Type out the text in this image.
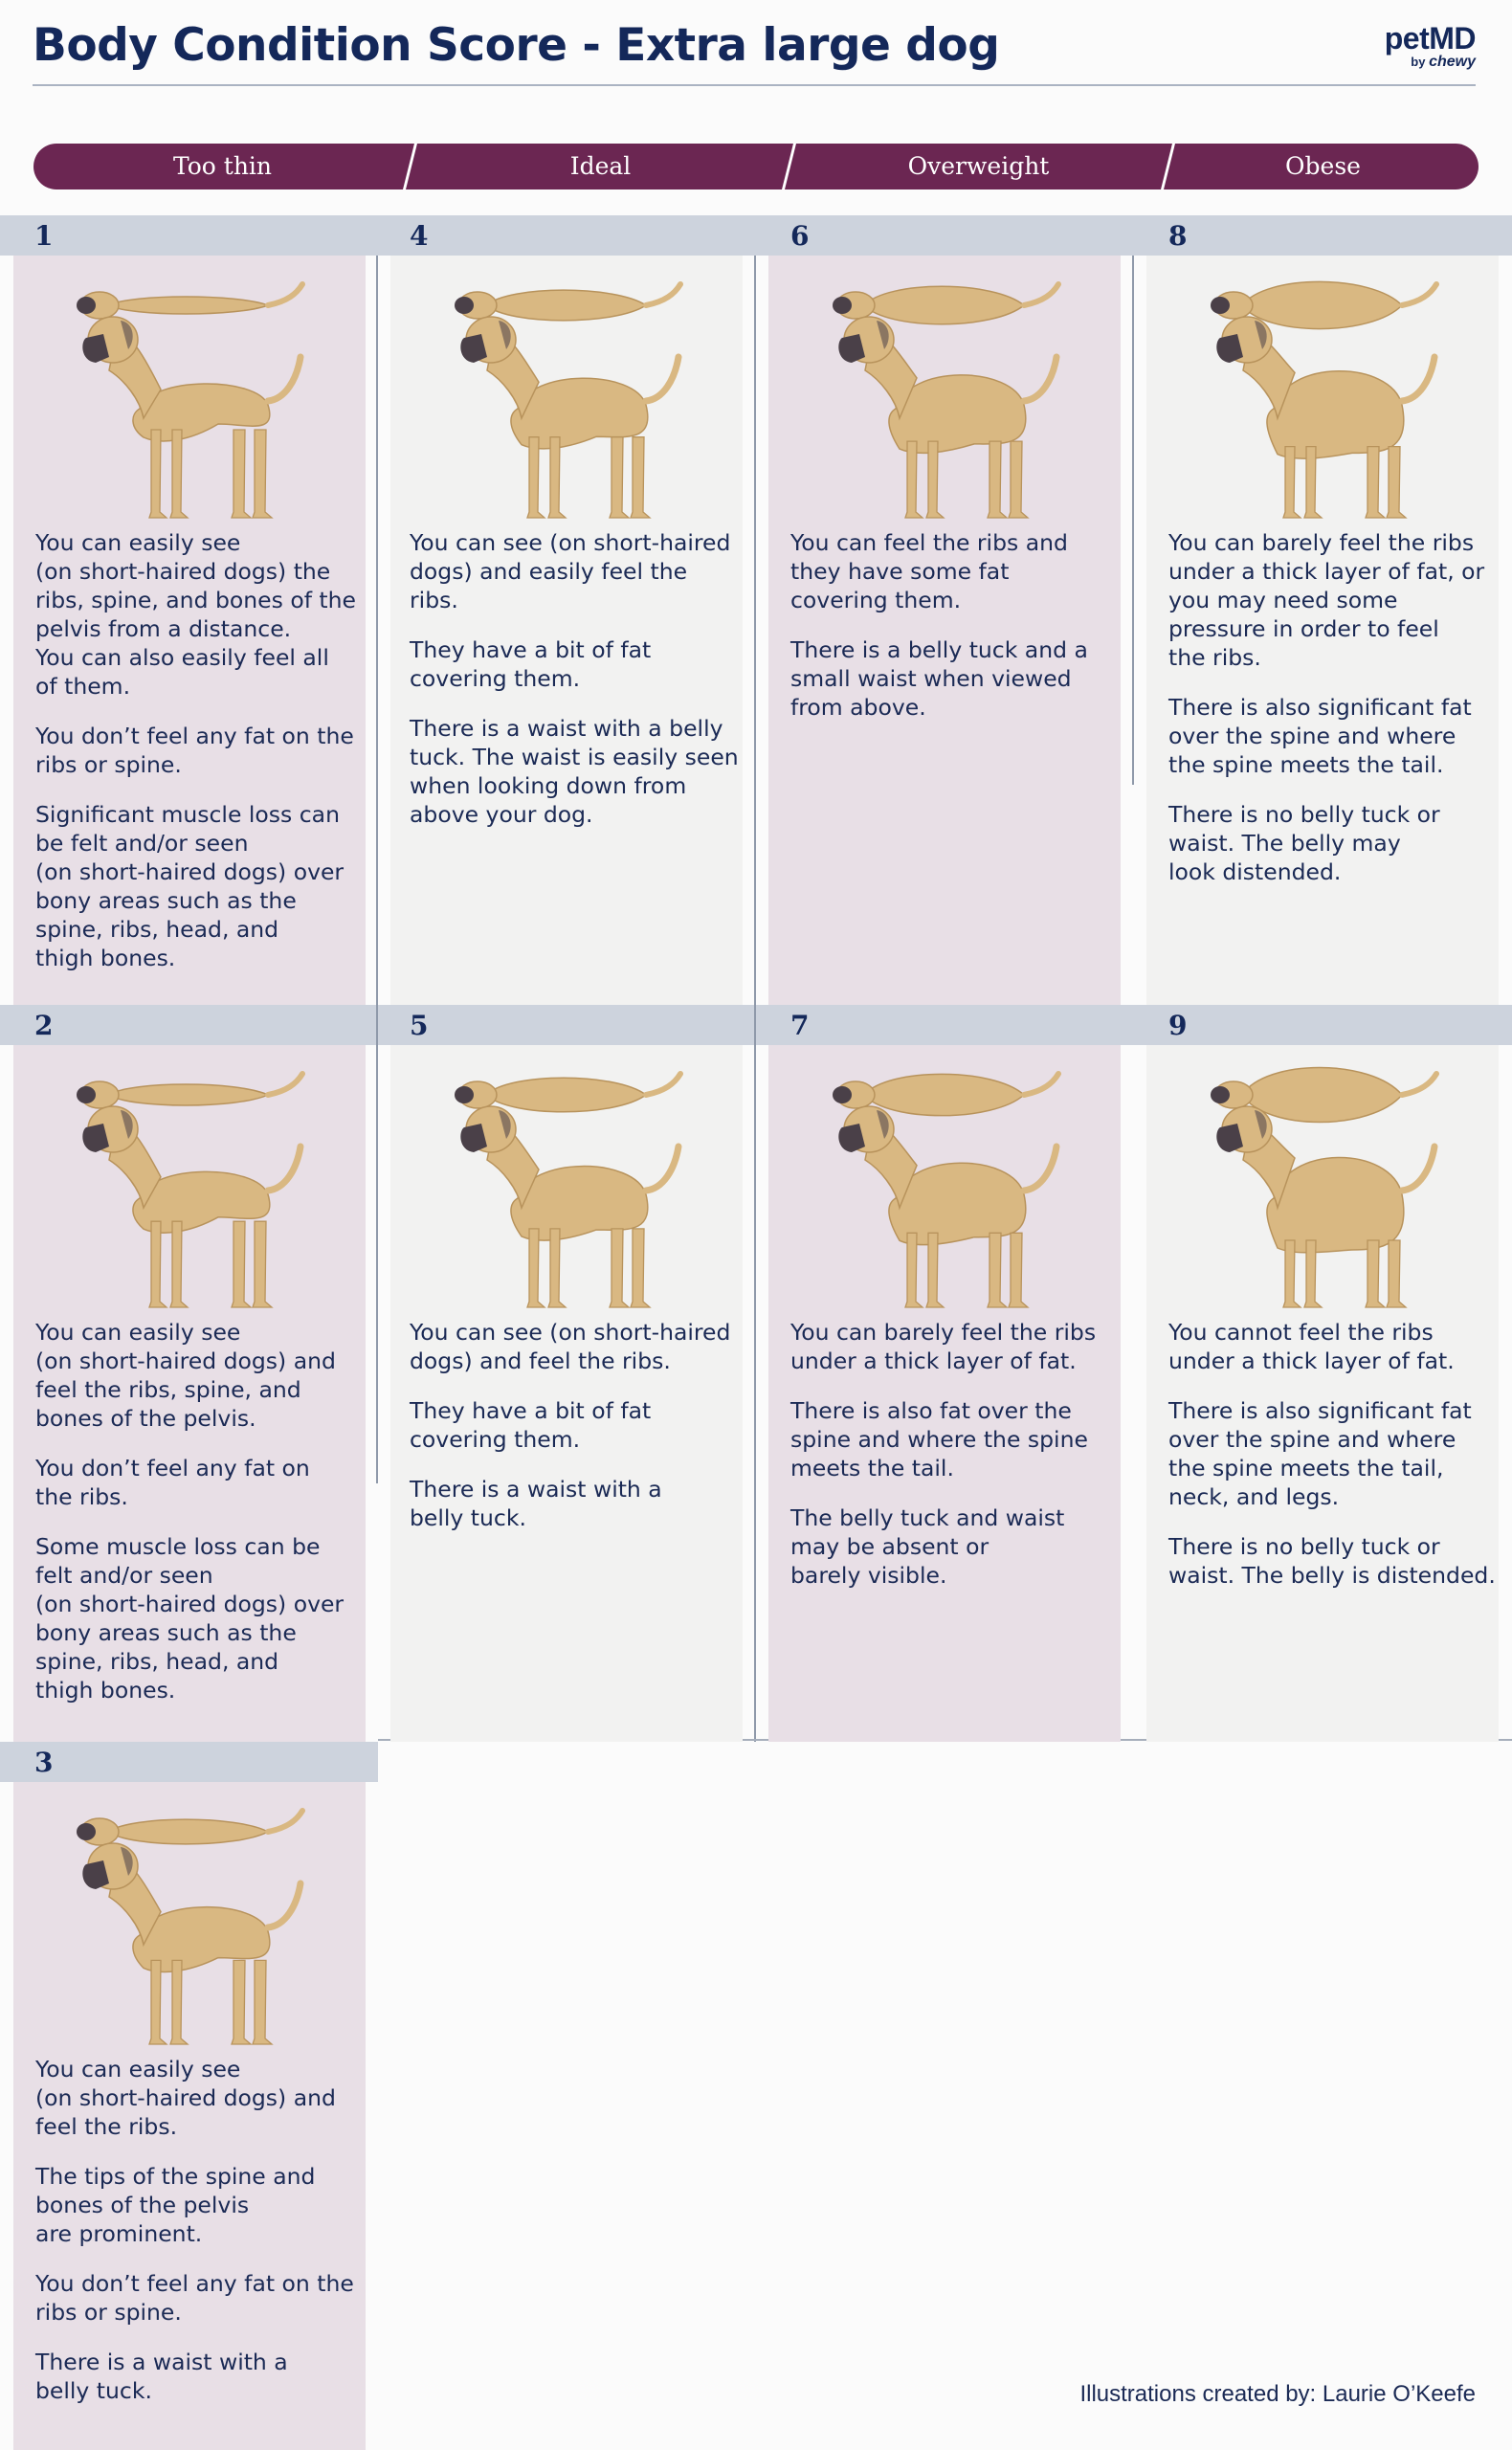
Body Condition Score - Extra large dog	petMD
by chewy
Too thin	Ideal	Overweight	Obese
1

You can easily see
(on short-haired dogs) the
ribs, spine, and bones of the
pelvis from a distance.
You can also easily feel all
of them.

You don’t feel any fat on the
ribs or spine.

Significant muscle loss can
be felt and/or seen
(on short-haired dogs) over
bony areas such as the
spine, ribs, head, and
thigh bones.

2

You can easily see
(on short-haired dogs) and
feel the ribs, spine, and
bones of the pelvis.

You don’t feel any fat on
the ribs.

Some muscle loss can be
felt and/or seen
(on short-haired dogs) over
bony areas such as the
spine, ribs, head, and
thigh bones.

3

You can easily see
(on short-haired dogs) and
feel the ribs.

The tips of the spine and
bones of the pelvis
are prominent.

You don’t feel any fat on the
ribs or spine.

There is a waist with a
belly tuck.

4

You can see (on short-haired
dogs) and easily feel the ribs.

They have a bit of fat
covering them.

There is a waist with a belly
tuck. The waist is easily seen
when looking down from
above your dog.

5

You can see (on short-haired
dogs) and feel the ribs.

They have a bit of fat
covering them.

There is a waist with a
belly tuck.

6

You can feel the ribs and
they have some fat
covering them.

There is a belly tuck and a
small waist when viewed
from above.

7

You can barely feel the ribs
under a thick layer of fat.

There is also fat over the
spine and where the spine
meets the tail.

The belly tuck and waist
may be absent or
barely visible.

8

You can barely feel the ribs
under a thick layer of fat, or
you may need some
pressure in order to feel
the ribs.

There is also significant fat
over the spine and where
the spine meets the tail.

There is no belly tuck or
waist. The belly may
look distended.

9

You cannot feel the ribs
under a thick layer of fat.

There is also significant fat
over the spine and where
the spine meets the tail,
neck, and legs.

There is no belly tuck or
waist. The belly is distended.

Illustrations created by: Laurie O’Keefe
